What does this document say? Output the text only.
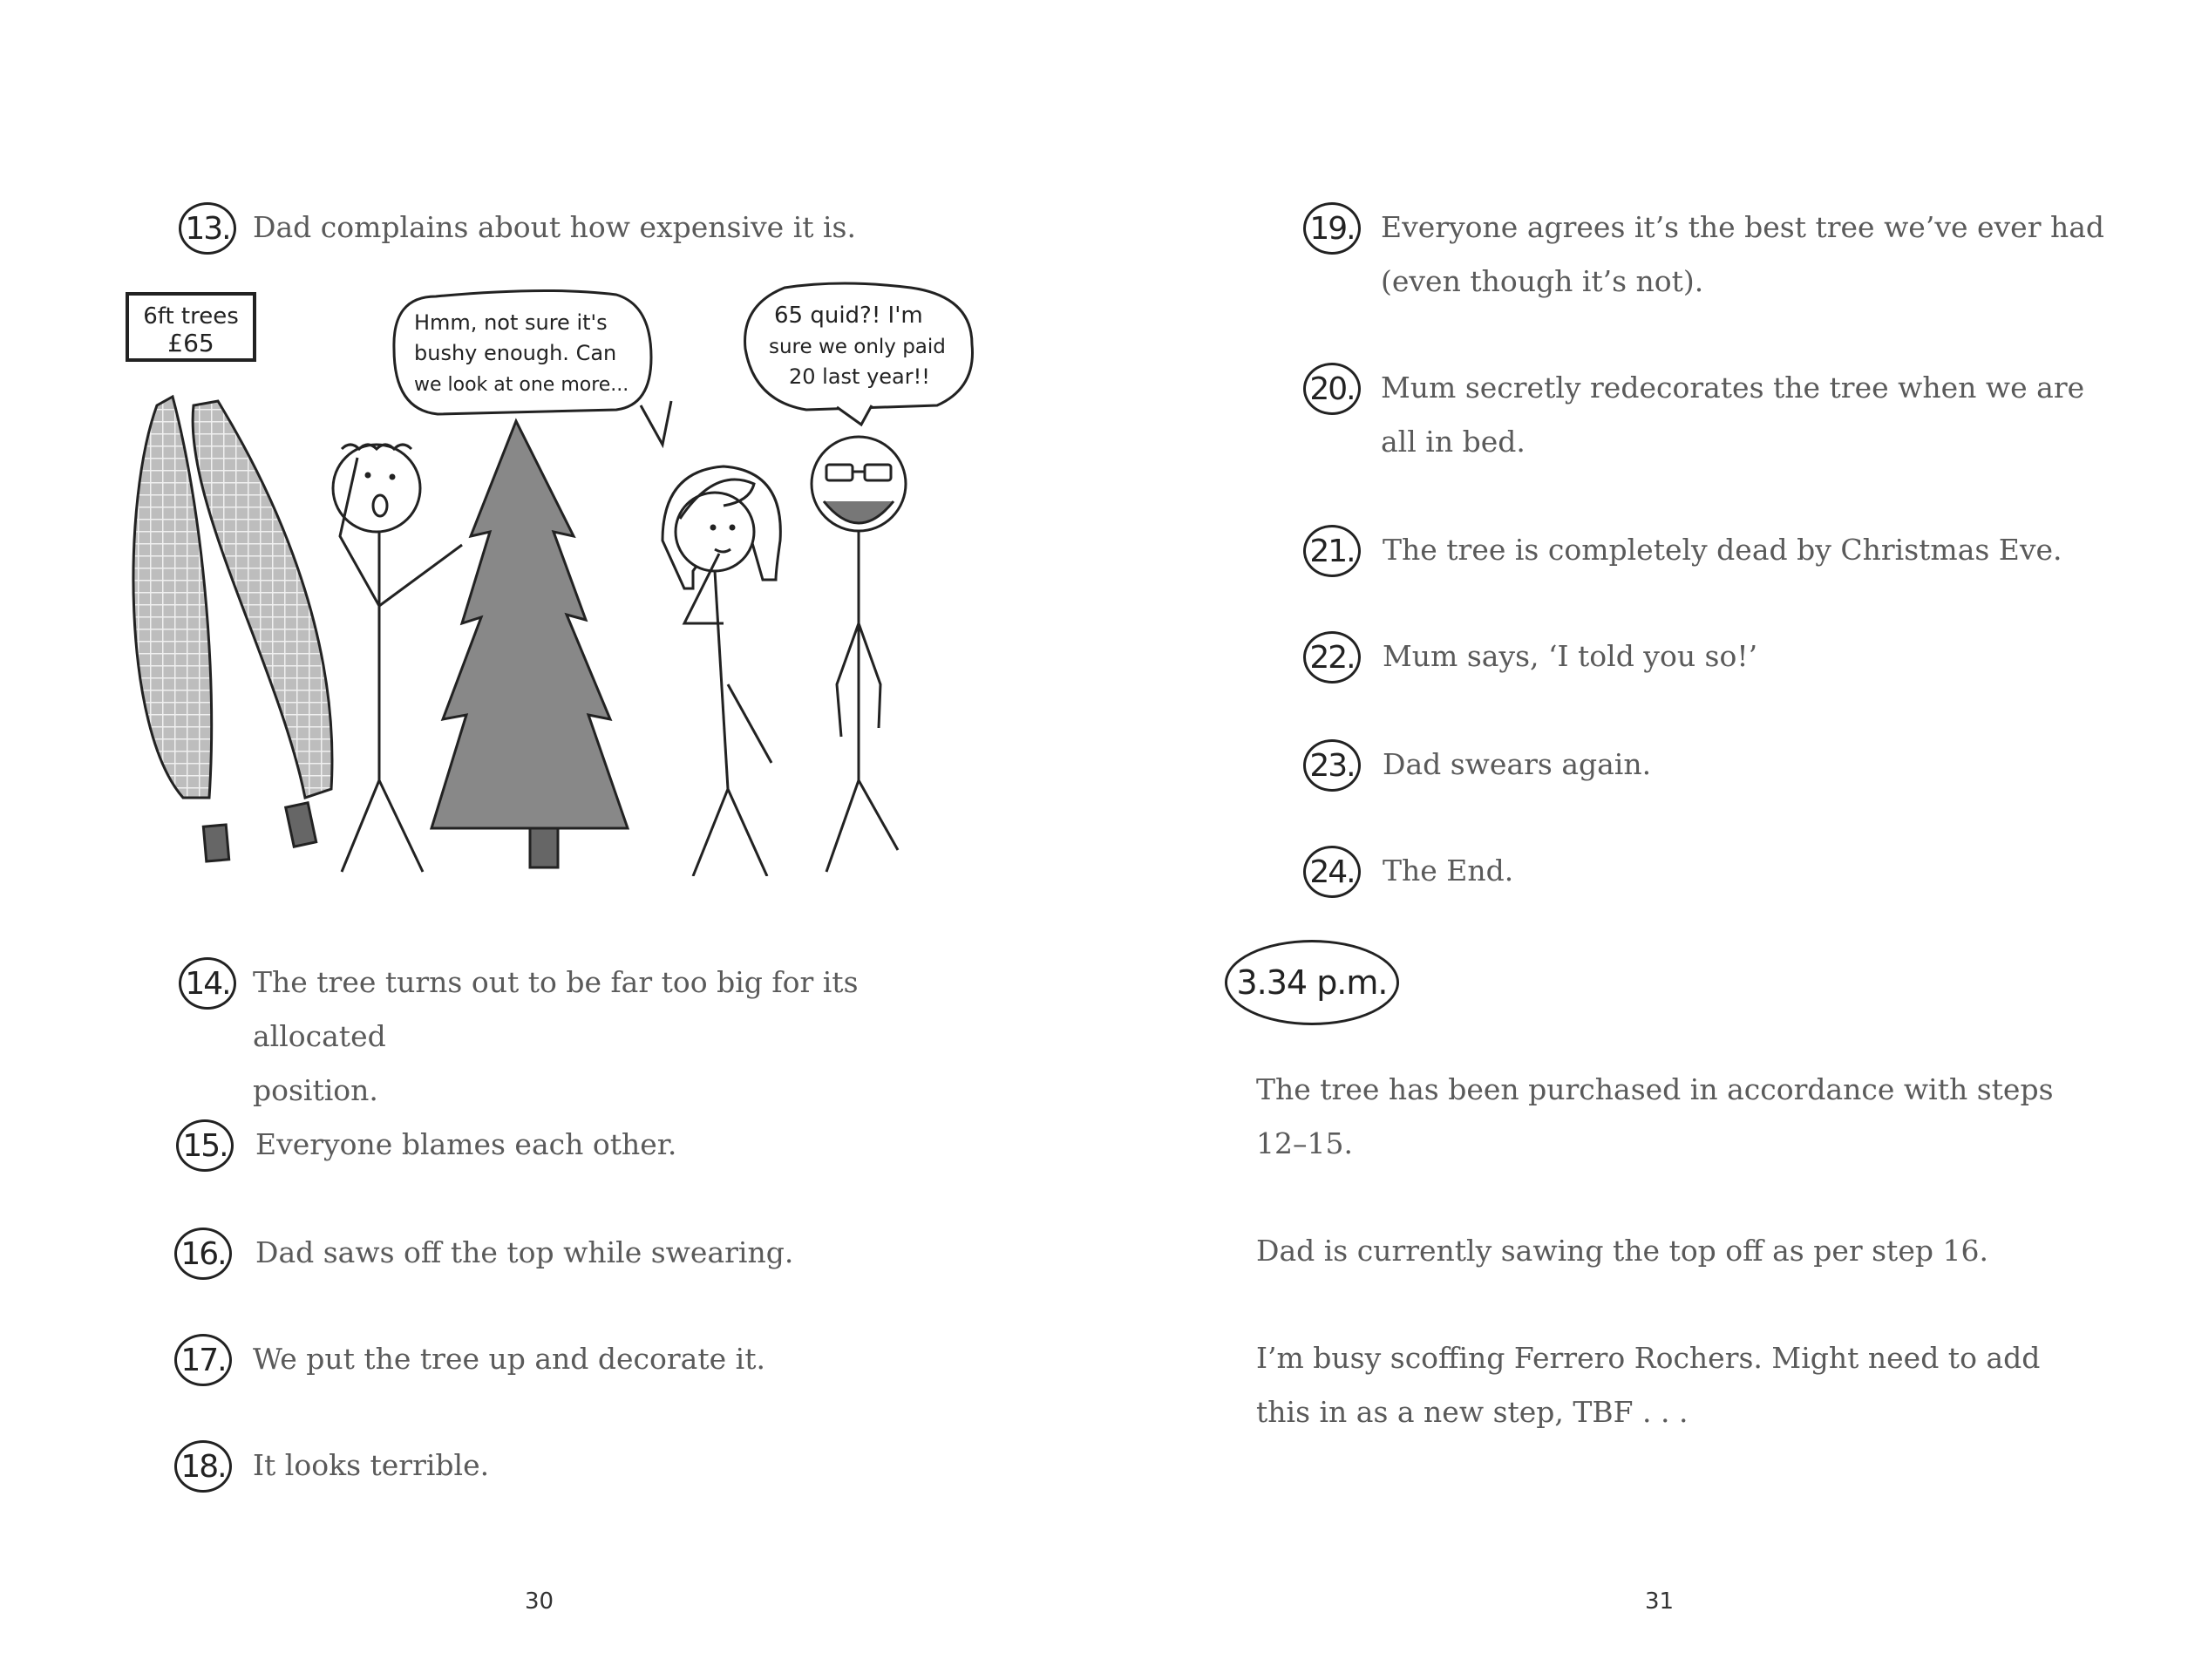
13. Dad complains about how expensive it is.
6ft trees
£65
Hmm, not sure it's
bushy enough. Can
we look at one more...
65 quid?! I'm
sure we only paid
20 last year!!
14. The tree turns out to be far too big for its allocated
position.
15. Everyone blames each other.
16. Dad saws off the top while swearing.
17. We put the tree up and decorate it.
18. It looks terrible.
30
19. Everyone agrees it’s the best tree we’ve ever had
(even though it’s not).
20. Mum secretly redecorates the tree when we are
all in bed.
21. The tree is completely dead by Christmas Eve.
22. Mum says, ‘I told you so!’
23. Dad swears again.
24. The End.
3.34 p.m.
The tree has been purchased in accordance with steps 12–15.
Dad is currently sawing the top off as per step 16.
I’m busy scoffing Ferrero Rochers. Might need to add this in as a new step, TBF . . .
31
